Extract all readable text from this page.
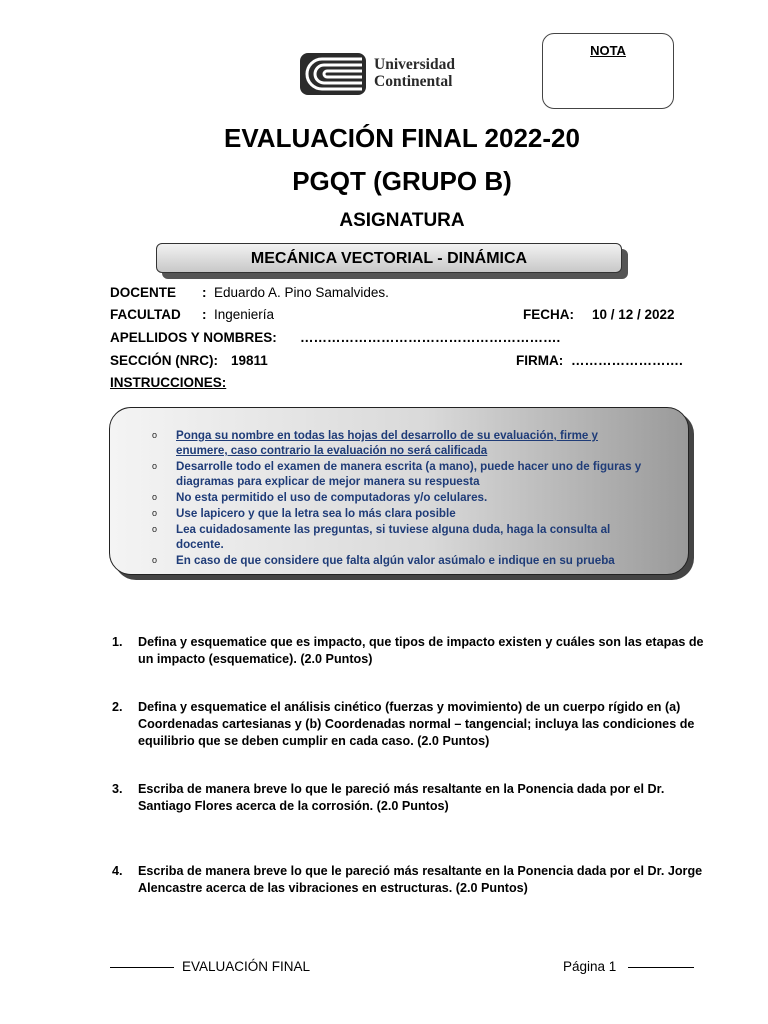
NOTA
Universidad
Continental
EVALUACIÓN FINAL 2022-20
PGQT (GRUPO B)
ASIGNATURA
MECÁNICA VECTORIAL - DINÁMICA
DOCENTE : Eduardo A. Pino Samalvides.
FACULTAD : Ingeniería	FECHA: 10 / 12 / 2022
APELLIDOS Y NOMBRES: ………………………………………………….
SECCIÓN (NRC): 19811	FIRMA: …………………….
INSTRUCCIONES:
o Ponga su nombre en todas las hojas del desarrollo de su evaluación, firme y enumere, caso contrario la evaluación no será calificada
o Desarrolle todo el examen de manera escrita (a mano), puede hacer uno de figuras y diagramas para explicar de mejor manera su respuesta
o No esta permitido el uso de computadoras y/o celulares.
o Use lapicero y que la letra sea lo más clara posible
o Lea cuidadosamente las preguntas, si tuviese alguna duda, haga la consulta al docente.
o En caso de que considere que falta algún valor asúmalo e indique en su prueba
1. Defina y esquematice que es impacto, que tipos de impacto existen y cuáles son las etapas de un impacto (esquematice). (2.0 Puntos)
2. Defina y esquematice el análisis cinético (fuerzas y movimiento) de un cuerpo rígido en (a) Coordenadas cartesianas y (b) Coordenadas normal – tangencial; incluya las condiciones de equilibrio que se deben cumplir en cada caso. (2.0 Puntos)
3. Escriba de manera breve lo que le pareció más resaltante en la Ponencia dada por el Dr. Santiago Flores acerca de la corrosión. (2.0 Puntos)
4. Escriba de manera breve lo que le pareció más resaltante en la Ponencia dada por el Dr. Jorge Alencastre acerca de las vibraciones en estructuras. (2.0 Puntos)
EVALUACIÓN FINAL	Página 1
